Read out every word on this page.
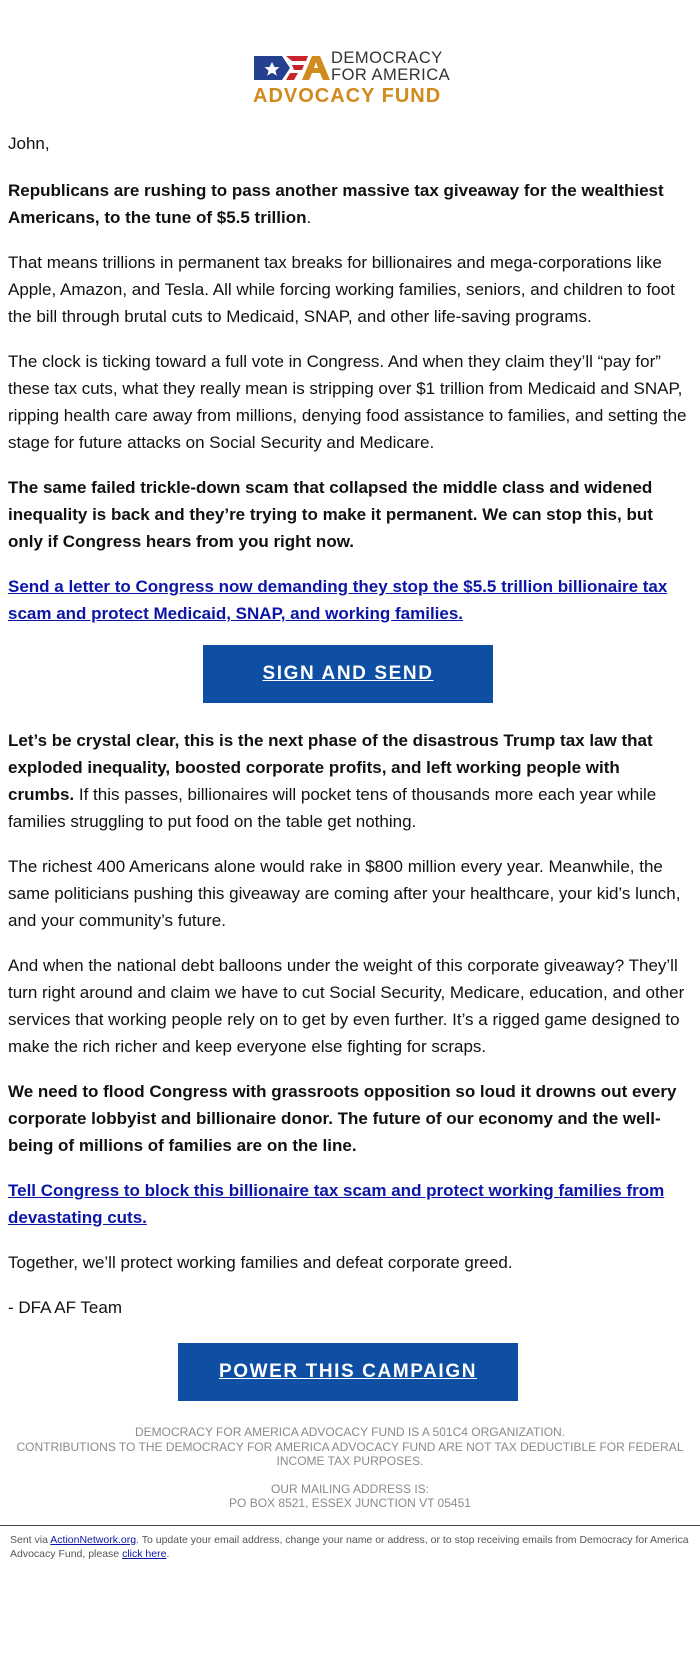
DEMOCRACY
FOR AMERICA
ADVOCACY FUND

John,

Republicans are rushing to pass another massive tax giveaway for the wealthiest Americans, to the tune of $5.5 trillion.

That means trillions in permanent tax breaks for billionaires and mega-corporations like Apple, Amazon, and Tesla. All while forcing working families, seniors, and children to foot the bill through brutal cuts to Medicaid, SNAP, and other life-saving programs.

The clock is ticking toward a full vote in Congress. And when they claim they’ll “pay for” these tax cuts, what they really mean is stripping over $1 trillion from Medicaid and SNAP, ripping health care away from millions, denying food assistance to families, and setting the stage for future attacks on Social Security and Medicare.

The same failed trickle-down scam that collapsed the middle class and widened inequality is back and they’re trying to make it permanent. We can stop this, but only if Congress hears from you right now.

Send a letter to Congress now demanding they stop the $5.5 trillion billionaire tax scam and protect Medicaid, SNAP, and working families.

SIGN AND SEND

Let’s be crystal clear, this is the next phase of the disastrous Trump tax law that exploded inequality, boosted corporate profits, and left working people with crumbs. If this passes, billionaires will pocket tens of thousands more each year while families struggling to put food on the table get nothing.

The richest 400 Americans alone would rake in $800 million every year. Meanwhile, the same politicians pushing this giveaway are coming after your healthcare, your kid’s lunch, and your community’s future.

And when the national debt balloons under the weight of this corporate giveaway? They’ll turn right around and claim we have to cut Social Security, Medicare, education, and other services that working people rely on to get by even further. It’s a rigged game designed to make the rich richer and keep everyone else fighting for scraps.

We need to flood Congress with grassroots opposition so loud it drowns out every corporate lobbyist and billionaire donor. The future of our economy and the well-being of millions of families are on the line.

Tell Congress to block this billionaire tax scam and protect working families from devastating cuts.

Together, we’ll protect working families and defeat corporate greed.

- DFA AF Team

POWER THIS CAMPAIGN
DEMOCRACY FOR AMERICA ADVOCACY FUND IS A 501C4 ORGANIZATION.
CONTRIBUTIONS TO THE DEMOCRACY FOR AMERICA ADVOCACY FUND ARE NOT TAX DEDUCTIBLE FOR FEDERAL INCOME TAX PURPOSES.
OUR MAILING ADDRESS IS:
PO BOX 8521, ESSEX JUNCTION VT 05451
Sent via ActionNetwork.org. To update your email address, change your name or address, or to stop receiving emails from Democracy for America Advocacy Fund, please click here.
